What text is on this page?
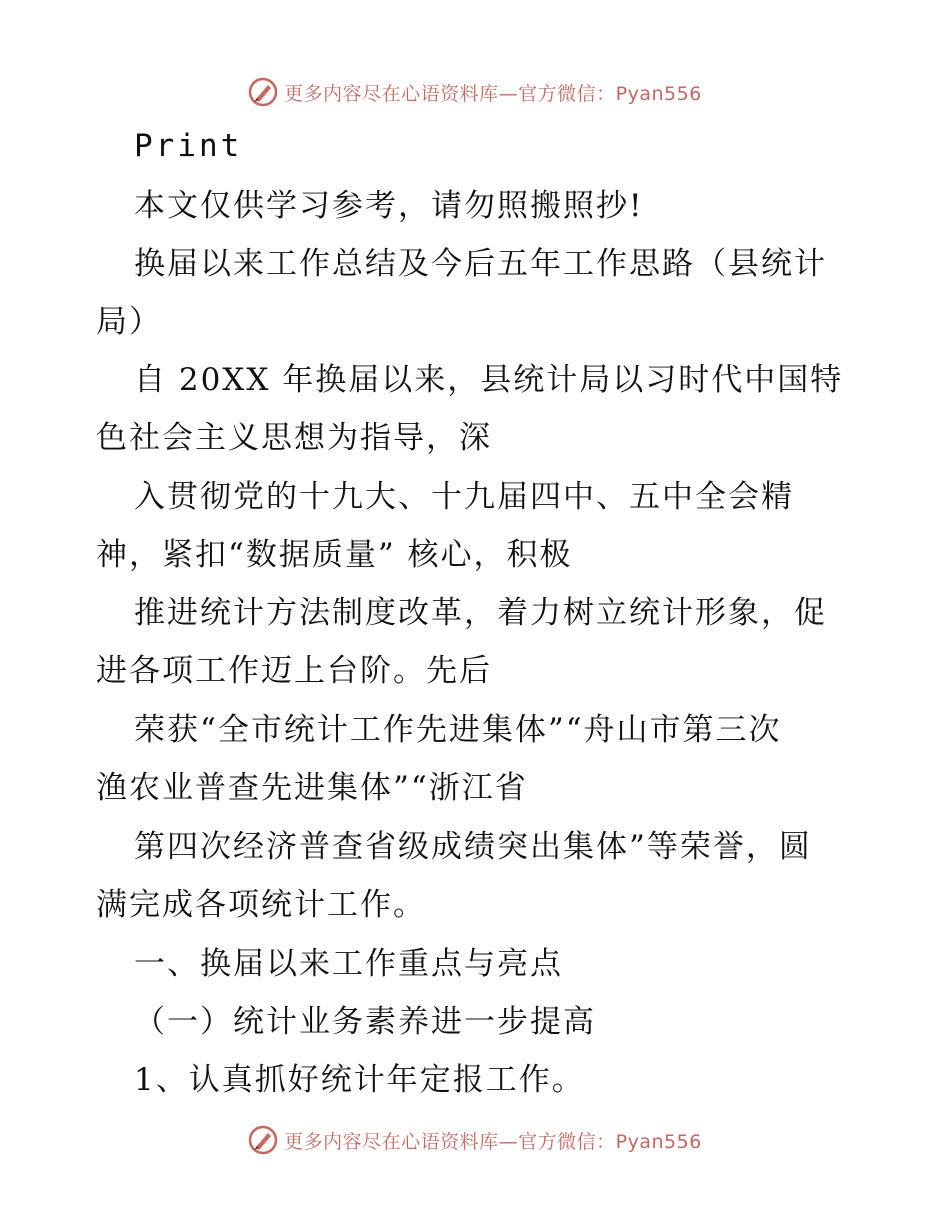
更多内容尽在心语资料库—官方微信：Pyan556
Print
本文仅供学习参考，请勿照搬照抄!
换届以来工作总结及今后五年工作思路（县统计
局）
自 20XX 年换届以来，县统计局以习时代中国特
色社会主义思想为指导，深
入贯彻党的十九大、十九届四中、五中全会精
神，紧扣“数据质量” 核心，积极
推进统计方法制度改革，着力树立统计形象，促
进各项工作迈上台阶。先后
荣获“全市统计工作先进集体”“舟山市第三次
渔农业普查先进集体”“浙江省
第四次经济普查省级成绩突出集体”等荣誉，圆
满完成各项统计工作。
一、换届以来工作重点与亮点
（一）统计业务素养进一步提高
1、认真抓好统计年定报工作。
更多内容尽在心语资料库—官方微信：Pyan556
